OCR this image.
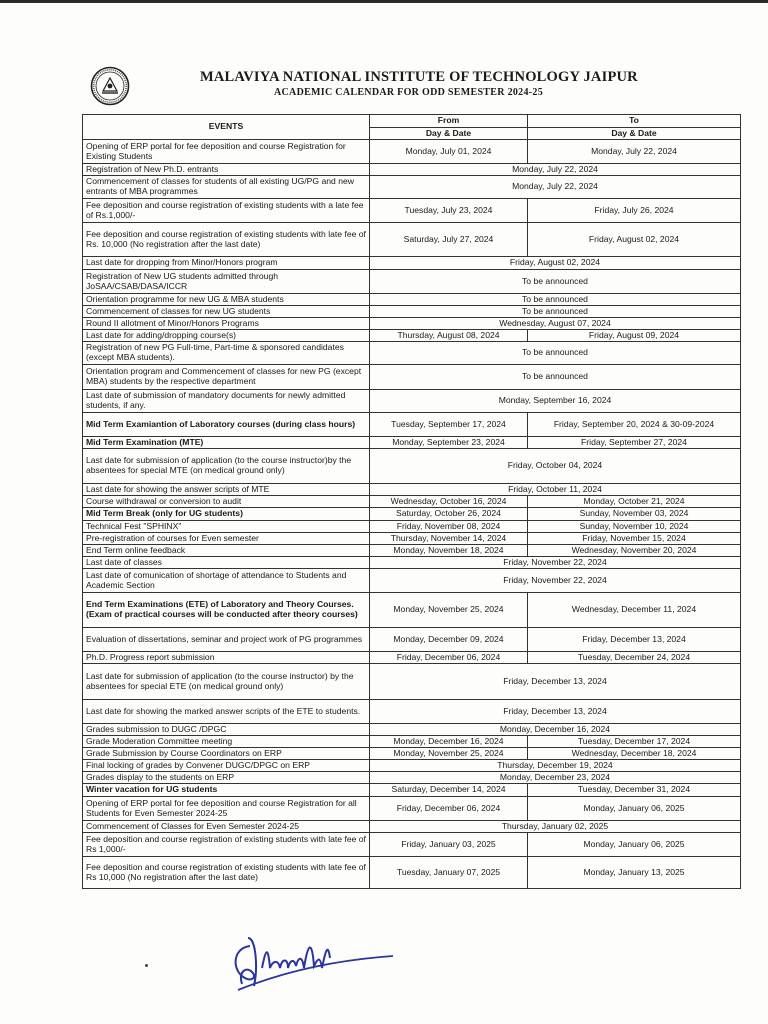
MALAVIYA NATIONAL INSTITUTE OF TECHNOLOGY JAIPUR
ACADEMIC CALENDAR FOR ODD SEMESTER 2024-25
EVENTS	From	To
	Day & Date	Day & Date
Opening of ERP portal for fee deposition and course Registration for Existing Students	Monday, July 01, 2024	Monday, July 22, 2024
Registration of New Ph.D. entrants	Monday, July 22, 2024	
Commencement of classes for students of all existing UG/PG and new entrants of MBA programmes	Monday, July 22, 2024	
Fee deposition and course registration of existing students with a late fee of Rs.1,000/-	Tuesday, July 23, 2024	Friday, July 26, 2024
Fee deposition and course registration of existing students with late fee of Rs. 10,000 (No registration after the last date)	Saturday, July 27, 2024	Friday, August 02, 2024
Last date for dropping from Minor/Honors program	Friday, August 02, 2024	
Registration of New UG students admitted through JoSAA/CSAB/DASA/ICCR	To be announced	
Orientation programme for new UG & MBA students	To be announced	
Commencement of classes for new UG students	To be announced	
Round II allotment of Minor/Honors Programs	Wednesday, August 07, 2024	
Last date for adding/dropping course(s)	Thursday, August 08, 2024	Friday, August 09, 2024
Registration of new PG Full-time, Part-time & sponsored candidates (except MBA students).	To be announced	
Orientation program and Commencement of classes for new PG (except MBA) students by the respective department	To be announced	
Last date of submission of mandatory documents for newly admitted students, if any.	Monday, September 16, 2024	
Mid Term Examiantion of Laboratory courses (during class hours)	Tuesday, September 17, 2024	Friday, September 20, 2024 & 30-09-2024
Mid Term Examination (MTE)	Monday, September 23, 2024	Friday, September 27, 2024
Last date for submission of application (to the course instructor)by the absentees for special MTE (on medical ground only)	Friday, October 04, 2024	
Last date for showing the answer scripts of MTE	Friday, October 11, 2024	
Course withdrawal or conversion to audit	Wednesday, October 16, 2024	Monday, October 21, 2024
Mid Term Break (only for UG students)	Saturday, October 26, 2024	Sunday, November 03, 2024
Technical Fest "SPHINX"	Friday, November 08, 2024	Sunday, November 10, 2024
Pre-registration of courses for Even semester	Thursday, November 14, 2024	Friday, November 15, 2024
End Term online feedback	Monday, November 18, 2024	Wednesday, November 20, 2024
Last date of classes	Friday, November 22, 2024	
Last date of comunication of shortage of attendance to Students and Academic Section	Friday, November 22, 2024	
End Term Examinations (ETE) of Laboratory and Theory Courses. (Exam of practical courses will be conducted after theory courses)	Monday, November 25, 2024	Wednesday, December 11, 2024
Evaluation of dissertations, seminar and project work of PG programmes	Monday, December 09, 2024	Friday, December 13, 2024
Ph.D. Progress report submission	Friday, December 06, 2024	Tuesday, December 24, 2024
Last date for submission of application (to the course instructor) by the absentees for special ETE (on medical ground only)	Friday, December 13, 2024	
Last date for showing the marked answer scripts of the ETE to students.	Friday, December 13, 2024	
Grades submission to DUGC /DPGC	Monday, December 16, 2024	
Grade Moderation Committee meeting	Monday, December 16, 2024	Tuesday, December 17, 2024
Grade Submission by Course Coordinators on ERP	Monday, November 25, 2024	Wednesday, December 18, 2024
Final locking of grades by Convener DUGC/DPGC on ERP	Thursday, December 19, 2024	
Grades display to the students on ERP	Monday, December 23, 2024	
Winter vacation for UG students	Saturday, December 14, 2024	Tuesday, December 31, 2024
Opening of ERP portal for fee deposition and course Registration for all Students for Even Semester 2024-25	Friday, December 06, 2024	Monday, January 06, 2025
Commencement of Classes for Even Semester 2024-25	Thursday, January 02, 2025	
Fee deposition and course registration of existing students with late fee of Rs 1,000/-	Friday, January 03, 2025	Monday, January 06, 2025
Fee deposition and course registration of existing students with late fee of Rs 10,000 (No registration after the last date)	Tuesday, January 07, 2025	Monday, January 13, 2025
